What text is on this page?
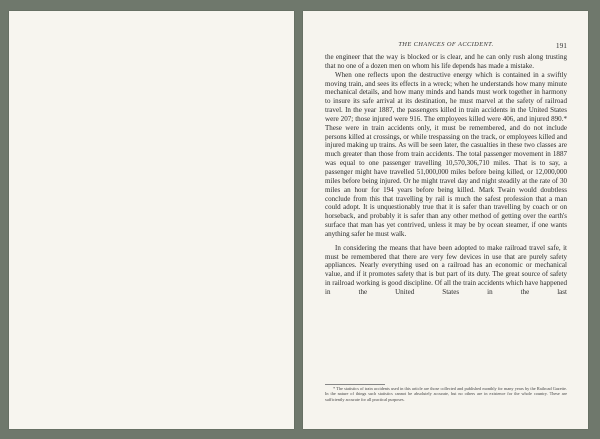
THE CHANCES OF ACCIDENT.	191

the engineer that the way is blocked or is clear, and he can only rush along trusting that no one of a dozen men on whom his life depends has made a mistake.

When one reflects upon the destructive energy which is contained in a swiftly moving train, and sees its effects in a wreck; when he understands how many minute mechanical details, and how many minds and hands must work together in harmony to insure its safe arrival at its destination, he must marvel at the safety of railroad travel. In the year 1887, the passengers killed in train accidents in the United States were 207; those injured were 916. The employees killed were 406, and injured 890.* These were in train accidents only, it must be remembered, and do not include persons killed at crossings, or while trespassing on the track, or employees killed and injured making up trains. As will be seen later, the casualties in these two classes are much greater than those from train accidents. The total passenger movement in 1887 was equal to one passenger travelling 10,570,306,710 miles. That is to say, a passenger might have travelled 51,000,000 miles before being killed, or 12,000,000 miles before being injured. Or he might travel day and night steadily at the rate of 30 miles an hour for 194 years before being killed. Mark Twain would doubtless conclude from this that travelling by rail is much the safest profession that a man could adopt. It is unquestionably true that it is safer than travelling by coach or on horseback, and probably it is safer than any other method of getting over the earth's surface that man has yet contrived, unless it may be by ocean steamer, if one wants anything safer he must walk.

In considering the means that have been adopted to make railroad travel safe, it must be remembered that there are very few devices in use that are purely safety appliances. Nearly everything used on a railroad has an economic or mechanical value, and if it promotes safety that is but part of its duty. The great source of safety in railroad working is good discipline. Of all the train accidents which have happened in the United States in the last

* The statistics of train accidents used in this article are those collected and published monthly for many years by the Railroad Gazette. In the nature of things such statistics cannot be absolutely accurate, but no others are in existence for the whole country. These are sufficiently accurate for all practical purposes.
